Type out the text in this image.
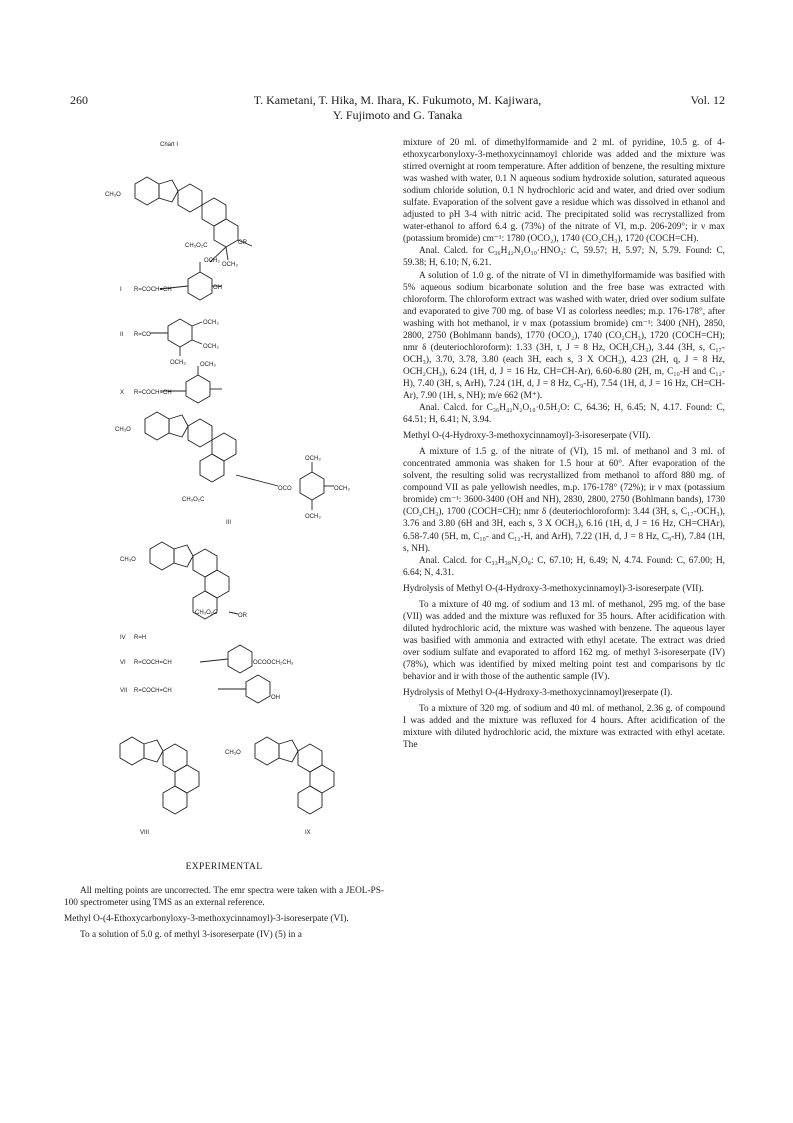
260	T. Kametani, T. Hika, M. Ihara, K. Fukumoto, M. Kajiwara,
Y. Fujimoto and G. Tanaka
Vol. 12
Chart I
CH₃O
OR
CH₃O₂C
OCH₃
I R=COCH=CH	OH
OCH₃
II R=CO
OCH₃
OCH₃
OCH₃
X R=COCH=CH
OCH₃
CH₃O
CH₃O₂C
OCO
OCH₃
OCH₃
OCH₃
III
CH₃O
CH₃O₂C	OR
IV R=H
VI R=COCH=CH	OCOOCH₂CH₃
VII R=COCH=CH
OH
VIII	IX
CH₃O

EXPERIMENTAL

All melting points are uncorrected. The emr spectra were taken with a JEOL-PS-100 spectrometer using TMS as an external reference.

Methyl O-(4-Ethoxycarbonyloxy-3-methoxycinnamoyl)-3-isoreserpate (VI).

To a solution of 5.0 g. of methyl 3-isoreserpate (IV) (5) in a

mixture of 20 ml. of dimethylformamide and 2 ml. of pyridine, 10.5 g. of 4-ethoxycarbonyloxy-3-methoxycinnamoyl chloride was added and the mixture was stirred overnight at room temperature. After addition of benzene, the resulting mixture was washed with water, 0.1 N aqueous sodium hydroxide solution, saturated aqueous sodium chloride solution, 0.1 N hydrochloric acid and water, and dried over sodium sulfate. Evaporation of the solvent gave a residue which was dissolved in ethanol and adjusted to pH 3-4 with nitric acid. The precipitated solid was recrystallized from water-ethanol to afford 6.4 g. (73%) of the nitrate of VI, m.p. 206-209°; ir ν max (potassium bromide) cm⁻¹: 1780 (OCO₂), 1740 (CO₂CH₃), 1720 (COCH=CH).

Anal. Calcd. for C₃₆H₄₂N₂O₁₀·HNO₃: C, 59.57; H, 5.97; N, 5.79. Found: C, 59.38; H, 6.10; N, 6.21.

A solution of 1.0 g. of the nitrate of VI in dimethylformamide was basified with 5% aqueous sodium bicarbonate solution and the free base was extracted with chloroform. The chloroform extract was washed with water, dried over sodium sulfate and evaporated to give 700 mg. of base VI as colorless needles; m.p. 176-178°, after washing with hot methanol, ir ν max (potassium bromide) cm⁻¹: 3400 (NH), 2850, 2800, 2750 (Bohlmann bands), 1770 (OCO₂), 1740 (CO₂CH₃), 1720 (COCH=CH); nmr δ (deuteriochloroform): 1.33 (3H, t, J = 8 Hz, OCH₂CH₃), 3.44 (3H, s, C₁₇-OCH₃), 3.70, 3.78, 3.80 (each 3H, each s, 3 X OCH₃), 4.23 (2H, q, J = 8 Hz, OCH₂CH₃), 6.24 (1H, d, J = 16 Hz, CH=CH-Ar), 6.60-6.80 (2H, m, C₁₀-H and C₁₂-H), 7.40 (3H, s, ArH), 7.24 (1H, d, J = 8 Hz, C₉-H), 7.54 (1H, d, J = 16 Hz, CH=CH-Ar), 7.90 (1H, s, NH); m/e 662 (M⁺).

Anal. Calcd. for C₃₆H₄₂N₂O₁₀·0.5H₂O: C, 64.36; H, 6.45; N, 4.17. Found: C, 64.51; H, 6.41; N, 3.94.

Methyl O-(4-Hydroxy-3-methoxycinnamoyl)-3-isoreserpate (VII).

A mixture of 1.5 g. of the nitrate of (VI), 15 ml. of methanol and 3 ml. of concentrated ammonia was shaken for 1.5 hour at 60°. After evaporation of the solvent, the resulting solid was recrystallized from methanol to afford 880 mg. of compound VII as pale yellowish needles, m.p. 176-178° (72%); ir ν max (potassium bromide) cm⁻¹: 3600-3400 (OH and NH), 2830, 2800, 2750 (Bohlmann bands), 1730 (CO₂CH₃), 1700 (COCH=CH); nmr δ (deuteriochloroform): 3.44 (3H, s, C₁₇-OCH₃), 3.76 and 3.80 (6H and 3H, each s, 3 X OCH₃), 6.16 (1H, d, J = 16 Hz, CH=CHAr), 6.58-7.40 (5H, m, C₁₀- and C₁₂-H, and ArH), 7.22 (1H, d, J = 8 Hz, C₉-H), 7.84 (1H, s, NH).

Anal. Calcd. for C₃₃H₃₈N₂O₈: C, 67.10; H, 6.49; N, 4.74. Found: C, 67.00; H, 6.64; N, 4.31.

Hydrolysis of Methyl O-(4-Hydroxy-3-methoxycinnamoyl)-3-isoreserpate (VII).

To a mixture of 40 mg. of sodium and 13 ml. of methanol, 295 mg. of the base (VII) was added and the mixture was refluxed for 35 hours. After acidification with diluted hydrochloric acid, the mixture was washed with benzene. The aqueous layer was basified with ammonia and extracted with ethyl acetate. The extract was dried over sodium sulfate and evaporated to afford 162 mg. of methyl 3-isoreserpate (IV) (78%), which was identified by mixed melting point test and comparisons by tlc behavior and ir with those of the authentic sample (IV).

Hydrolysis of Methyl O-(4-Hydroxy-3-methoxycinnamoyl)reserpate (I).

To a mixture of 320 mg. of sodium and 40 ml. of methanol, 2.36 g. of compound I was added and the mixture was refluxed for 4 hours. After acidification of the mixture with diluted hydrochloric acid, the mixture was extracted with ethyl acetate. The
